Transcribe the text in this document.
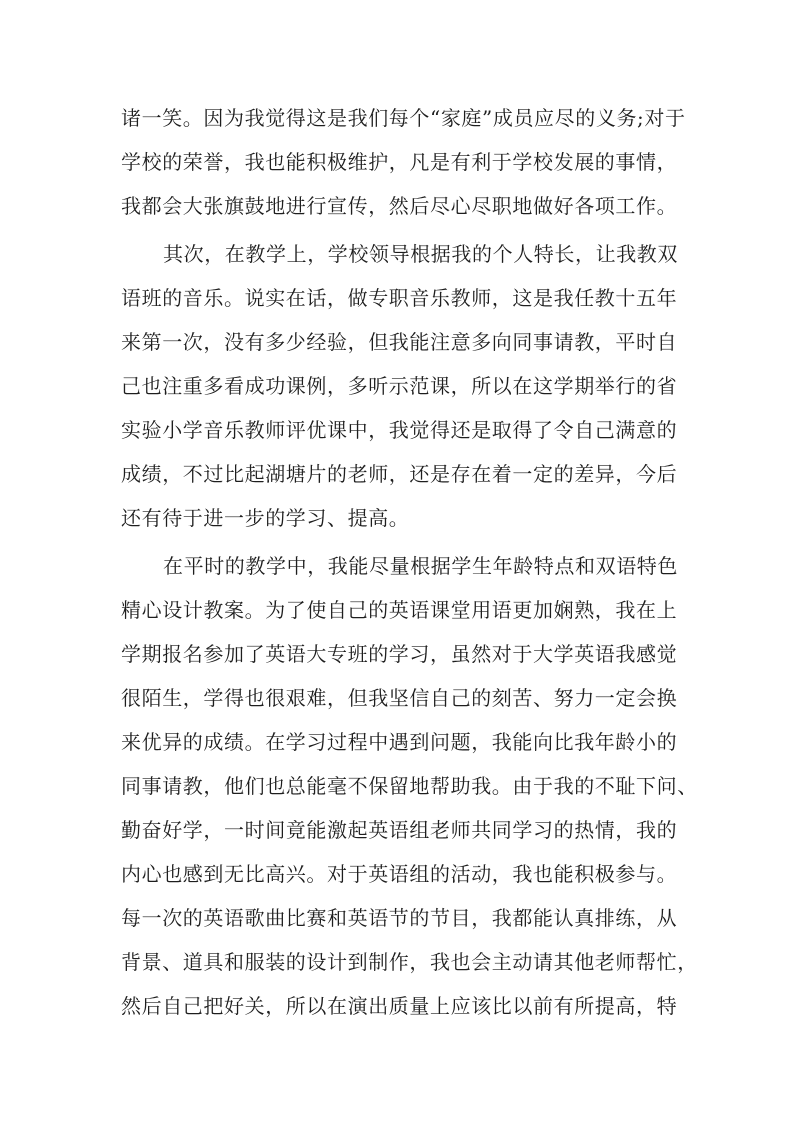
诸一笑。因为我觉得这是我们每个“家庭”成员应尽的义务;对于
学校的荣誉，我也能积极维护，凡是有利于学校发展的事情，
我都会大张旗鼓地进行宣传，然后尽心尽职地做好各项工作。
其次，在教学上，学校领导根据我的个人特长，让我教双
语班的音乐。说实在话，做专职音乐教师，这是我任教十五年
来第一次，没有多少经验，但我能注意多向同事请教，平时自
己也注重多看成功课例，多听示范课，所以在这学期举行的省
实验小学音乐教师评优课中，我觉得还是取得了令自己满意的
成绩，不过比起湖塘片的老师，还是存在着一定的差异，今后
还有待于进一步的学习、提高。
在平时的教学中，我能尽量根据学生年龄特点和双语特色
精心设计教案。为了使自己的英语课堂用语更加娴熟，我在上
学期报名参加了英语大专班的学习，虽然对于大学英语我感觉
很陌生，学得也很艰难，但我坚信自己的刻苦、努力一定会换
来优异的成绩。在学习过程中遇到问题，我能向比我年龄小的
同事请教，他们也总能毫不保留地帮助我。由于我的不耻下问、
勤奋好学，一时间竟能激起英语组老师共同学习的热情，我的
内心也感到无比高兴。对于英语组的活动，我也能积极参与。
每一次的英语歌曲比赛和英语节的节目，我都能认真排练，从
背景、道具和服装的设计到制作，我也会主动请其他老师帮忙，
然后自己把好关，所以在演出质量上应该比以前有所提高，特
